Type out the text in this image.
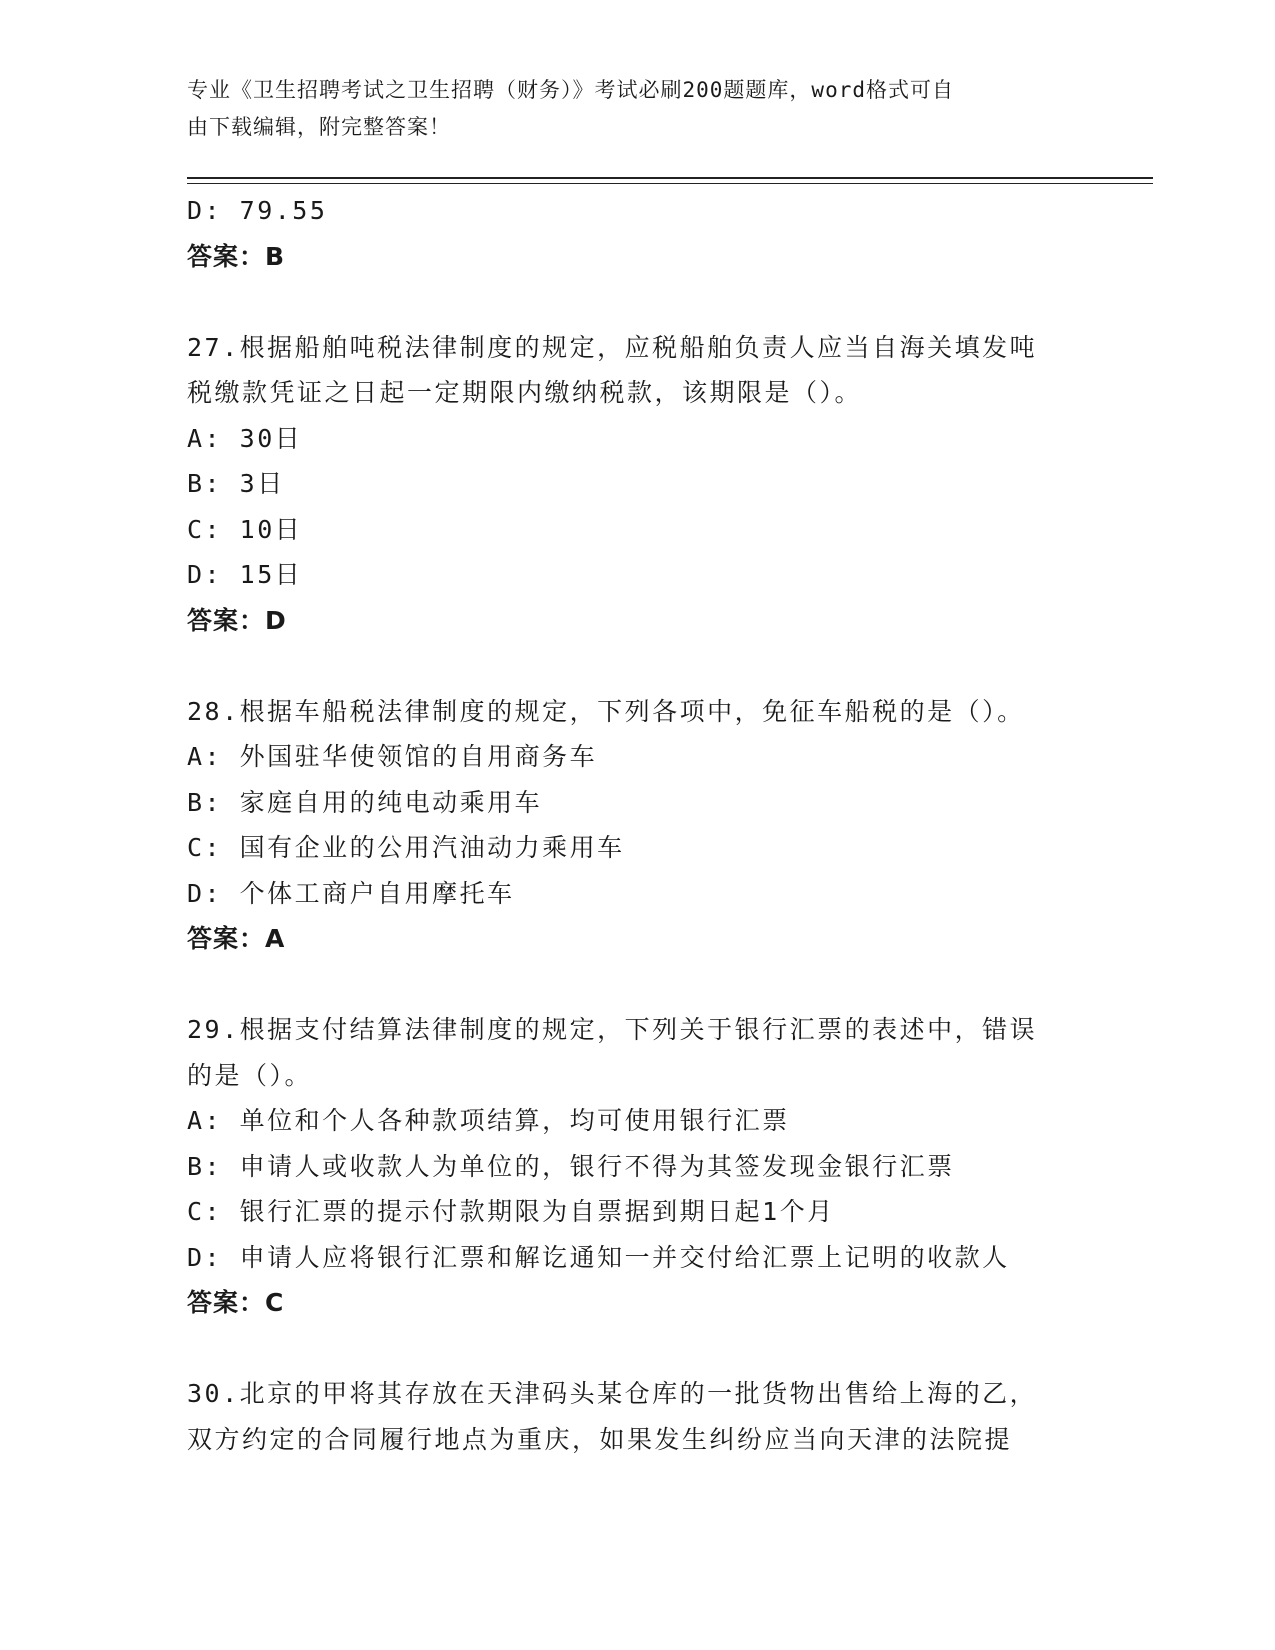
专业《卫生招聘考试之卫生招聘（财务）》考试必刷200题题库，word格式可自
由下载编辑，附完整答案！
D: 79.55
答案：B
27.根据船舶吨税法律制度的规定，应税船舶负责人应当自海关填发吨
税缴款凭证之日起一定期限内缴纳税款，该期限是（）。
A: 30日
B: 3日
C: 10日
D: 15日
答案：D
28.根据车船税法律制度的规定，下列各项中，免征车船税的是（）。
A: 外国驻华使领馆的自用商务车
B: 家庭自用的纯电动乘用车
C: 国有企业的公用汽油动力乘用车
D: 个体工商户自用摩托车
答案：A
29.根据支付结算法律制度的规定，下列关于银行汇票的表述中，错误
的是（）。
A: 单位和个人各种款项结算，均可使用银行汇票
B: 申请人或收款人为单位的，银行不得为其签发现金银行汇票
C: 银行汇票的提示付款期限为自票据到期日起1个月
D: 申请人应将银行汇票和解讫通知一并交付给汇票上记明的收款人
答案：C
30.北京的甲将其存放在天津码头某仓库的一批货物出售给上海的乙，
双方约定的合同履行地点为重庆，如果发生纠纷应当向天津的法院提
